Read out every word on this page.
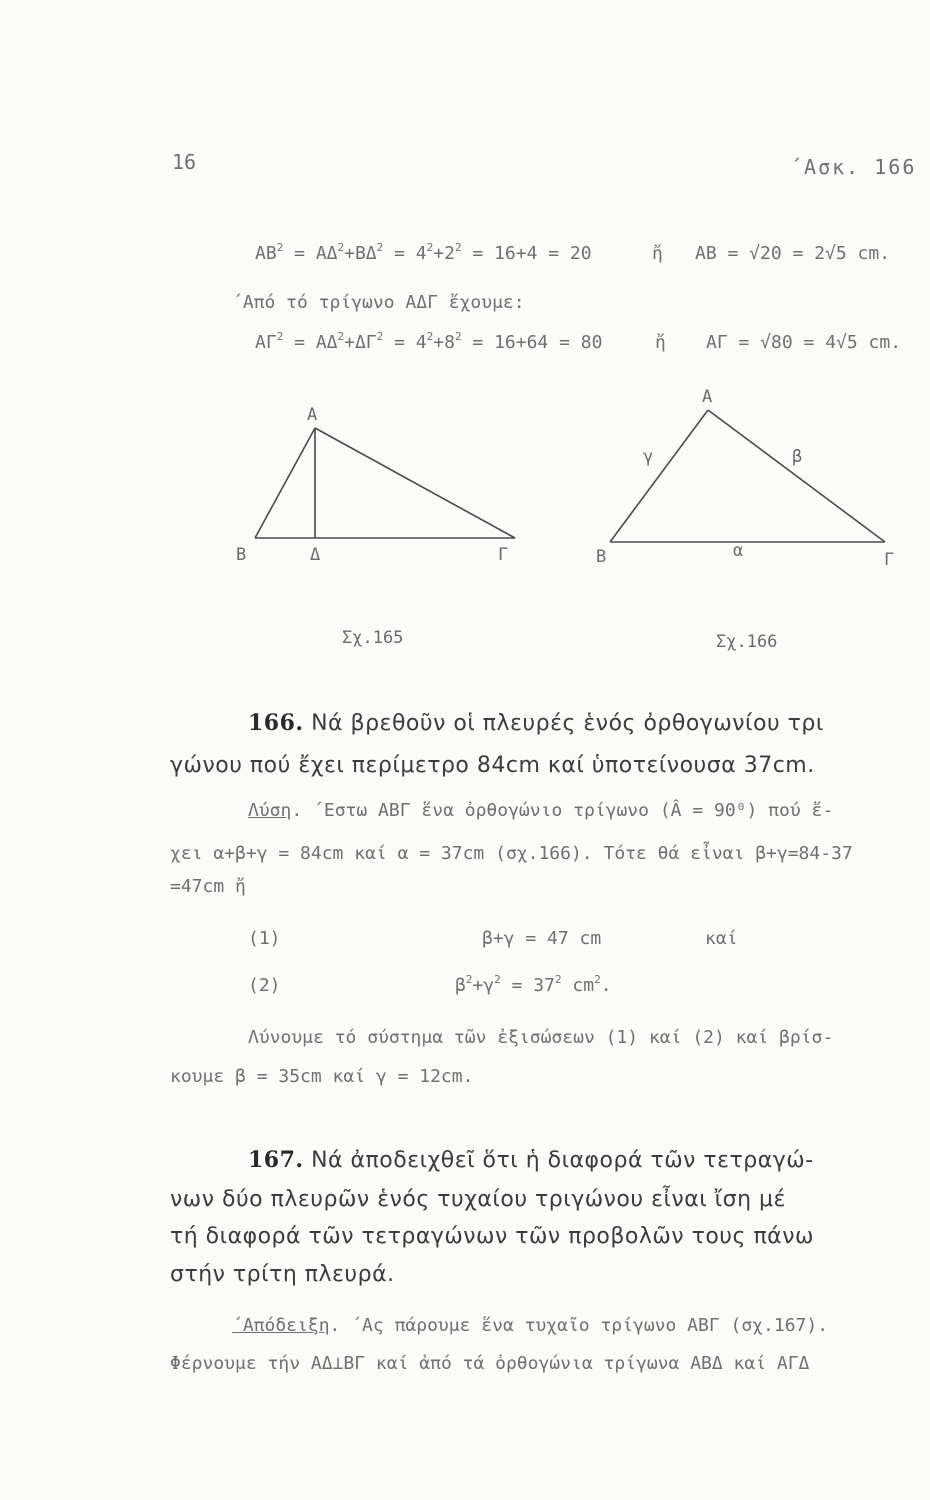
16	΄Ασκ. 166
$AB^2 = A\Delta^2+B\Delta^2 = 4^2+2^2 = 16+4 = 20$	ἤ ΑΒ = √20 = 2√5 cm.
΄Από τό τρίγωνο ΑΔΓ ἔχουμε:
$A\Gamma^2 = A\Delta^2+\Delta\Gamma^2 = 4^2+8^2 = 16+64 = 80$	ἤ ΑΓ = √80 = 4√5 cm.
Α
Β	Δ	Γ
Σχ.165
Α
Β	Γ
γ	β
α
Σχ.166
166. Νά βρεθοῦν οἱ πλευρές ἑνός ὀρθογωνίου τρι
γώνου πού ἔχει περίμετρο 84cm καί ὑποτείνουσα 37cm.
Λύση. ΄Εστω ΑΒΓ ἕνα ὀρθογώνιο τρίγωνο (Â = 90⁰) πού ἔ-
χει α+β+γ = 84cm καί α = 37cm (σχ.166). Τότε θά εἶναι β+γ=84-37
=47cm ἤ
(1)	β+γ = 47 cm	καί
(2)	$\beta^2+\gamma^2 = 37^2$ $cm^2$.
Λύνουμε τό σύστημα τῶν ἐξισώσεων (1) καί (2) καί βρίσ-
κουμε β = 35cm καί γ = 12cm.
167. Νά ἀποδειχθεῖ ὅτι ἡ διαφορά τῶν τετραγώ-
νων δύο πλευρῶν ἑνός τυχαίου τριγώνου εἶναι ἴση μέ
τή διαφορά τῶν τετραγώνων τῶν προβολῶν τους πάνω
στήν τρίτη πλευρά.
΄Απόδειξη. ΄Ας πάρουμε ἕνα τυχαῖο τρίγωνο ΑΒΓ (σχ.167).
Φέρνουμε τήν ΑΔ⊥ΒΓ καί ἀπό τά ὀρθογώνια τρίγωνα ΑΒΔ καί ΑΓΔ
